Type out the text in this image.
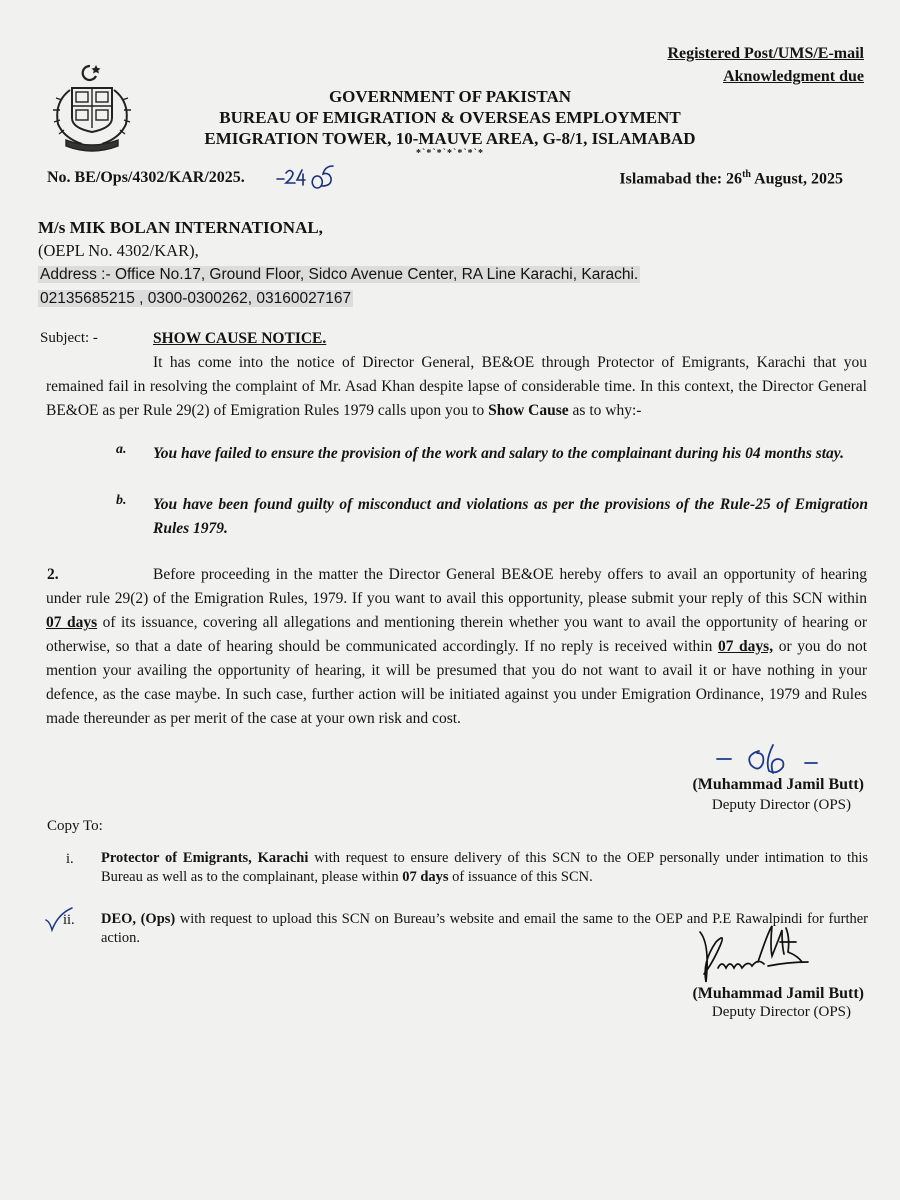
Registered Post/UMS/E-mail
Aknowledgment due
GOVERNMENT OF PAKISTAN
BUREAU OF EMIGRATION & OVERSEAS EMPLOYMENT
EMIGRATION TOWER, 10-MAUVE AREA, G-8/1, ISLAMABAD
*`*`*`*`*`*`*
No. BE/Ops/4302/KAR/2025.	Islamabad the: 26th August, 2025
M/s MIK BOLAN INTERNATIONAL,
(OEPL No. 4302/KAR),
Address :- Office No.17, Ground Floor, Sidco Avenue Center, RA Line Karachi, Karachi.
02135685215 , 0300-0300262, 03160027167
Subject: -	SHOW CAUSE NOTICE.
It has come into the notice of Director General, BE&OE through Protector of Emigrants, Karachi that you remained fail in resolving the complaint of Mr. Asad Khan despite lapse of considerable time. In this context, the Director General BE&OE as per Rule 29(2) of Emigration Rules 1979 calls upon you to Show Cause as to why:-
a. You have failed to ensure the provision of the work and salary to the complainant during his 04 months stay.
b. You have been found guilty of misconduct and violations as per the provisions of the Rule-25 of Emigration Rules 1979.
2.	Before proceeding in the matter the Director General BE&OE hereby offers to avail an opportunity of hearing under rule 29(2) of the Emigration Rules, 1979. If you want to avail this opportunity, please submit your reply of this SCN within 07 days of its issuance, covering all allegations and mentioning therein whether you want to avail the opportunity of hearing or otherwise, so that a date of hearing should be communicated accordingly. If no reply is received within 07 days, or you do not mention your availing the opportunity of hearing, it will be presumed that you do not want to avail it or have nothing in your defence, as the case maybe. In such case, further action will be initiated against you under Emigration Ordinance, 1979 and Rules made thereunder as per merit of the case at your own risk and cost.
(Muhammad Jamil Butt)
Deputy Director (OPS)
Copy To:
i. Protector of Emigrants, Karachi with request to ensure delivery of this SCN to the OEP personally under intimation to this Bureau as well as to the complainant, please within 07 days of issuance of this SCN.
ii. DEO, (Ops) with request to upload this SCN on Bureau’s website and email the same to the OEP and P.E Rawalpindi for further action.
(Muhammad Jamil Butt)
Deputy Director (OPS)
